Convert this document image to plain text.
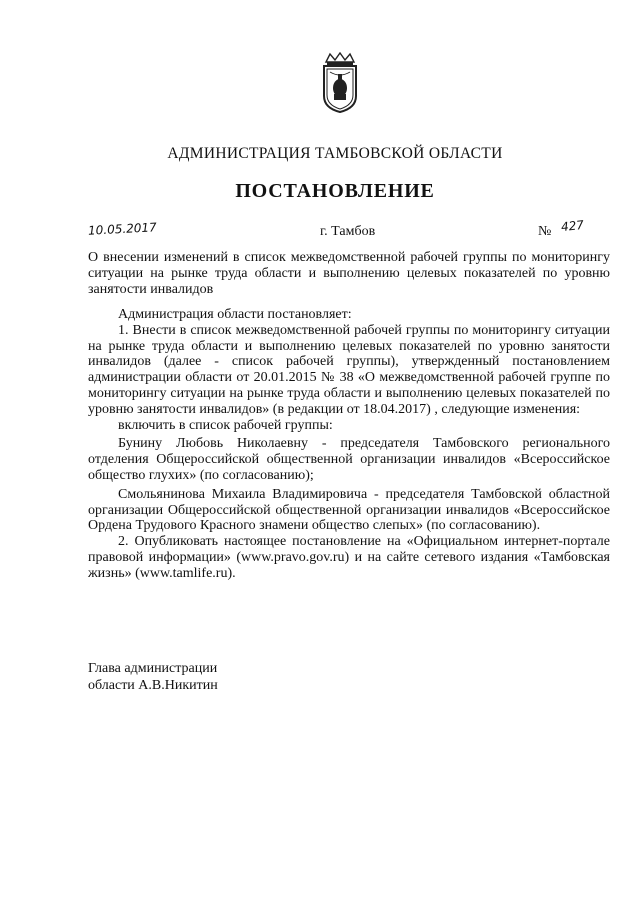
АДМИНИСТРАЦИЯ ТАМБОВСКОЙ ОБЛАСТИ
ПОСТАНОВЛЕНИЕ
10.05.2017	г. Тамбов	№ 427
О внесении изменений в список межведомственной рабочей группы по мониторингу ситуации на рынке труда области и выполнению целевых показателей по уровню занятости инвалидов

Администрация области постановляет:

1. Внести в список межведомственной рабочей группы по мониторингу ситуации на рынке труда области и выполнению целевых показателей по уровню занятости инвалидов (далее - список рабочей группы), утвержденный постановлением администрации области от 20.01.2015 № 38 «О межведомственной рабочей группе по мониторингу ситуации на рынке труда области и выполнению целевых показателей по уровню занятости инвалидов» (в редакции от 18.04.2017) , следующие изменения:

включить в список рабочей группы:

Бунину Любовь Николаевну - председателя Тамбовского регионального отделения Общероссийской общественной организации инвалидов «Всероссийское общество глухих» (по согласованию);

Смольянинова Михаила Владимировича - председателя Тамбовской областной организации Общероссийской общественной организации инвалидов «Всероссийское Ордена Трудового Красного знамени общество слепых» (по согласованию).

2. Опубликовать настоящее постановление на «Официальном интернет-портале правовой информации» (www.pravo.gov.ru) и на сайте сетевого издания «Тамбовская жизнь» (www.tamlife.ru).

Глава администрации
области А.В.Никитин
